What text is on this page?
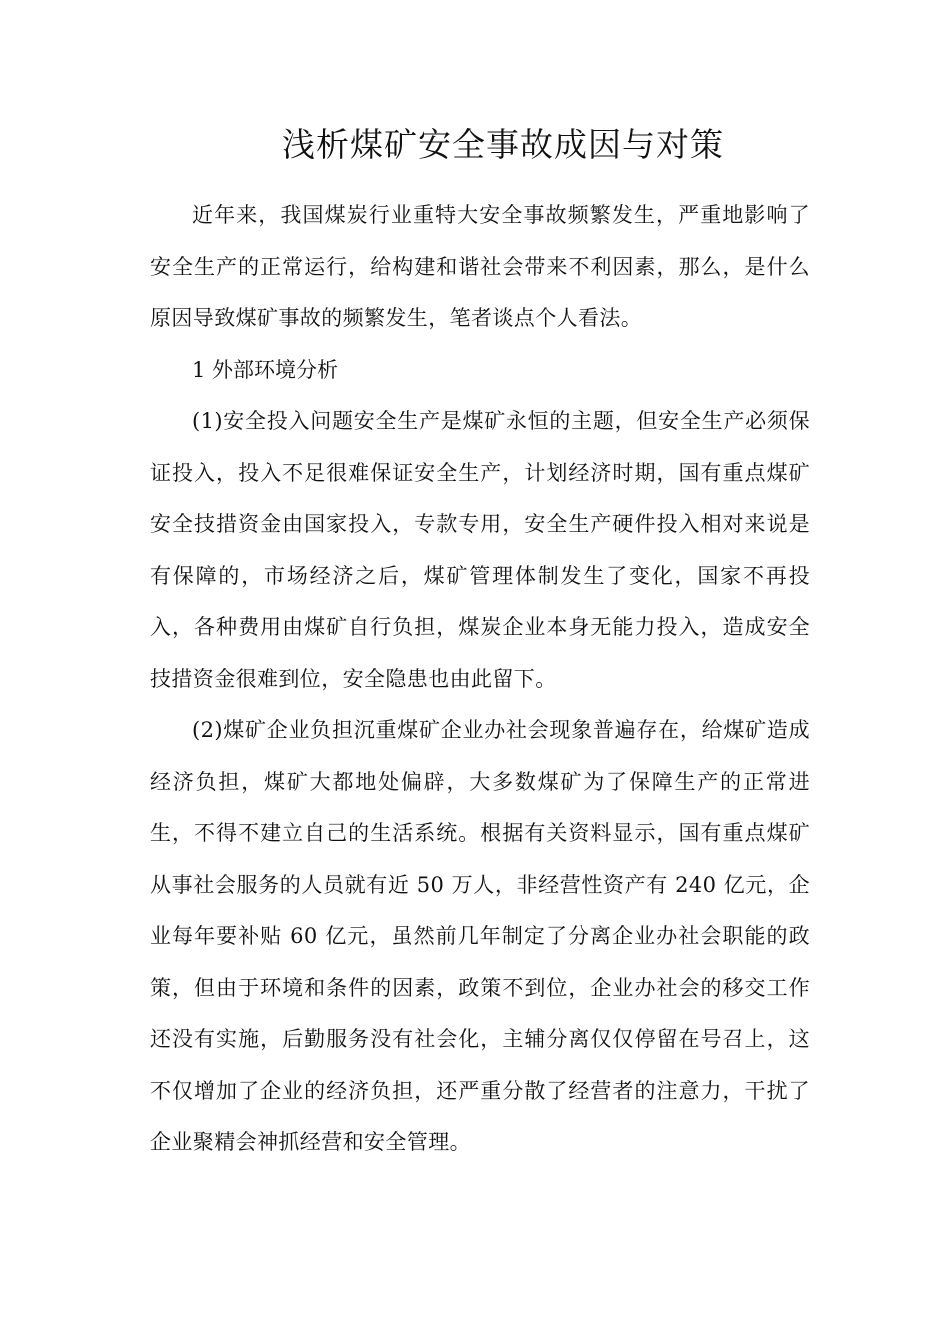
浅析煤矿安全事故成因与对策

近年来，我国煤炭行业重特大安全事故频繁发生，严重地影响了安全生产的正常运行，给构建和谐社会带来不利因素，那么，是什么原因导致煤矿事故的频繁发生，笔者谈点个人看法。

1 外部环境分析

(1)安全投入问题安全生产是煤矿永恒的主题，但安全生产必须保证投入，投入不足很难保证安全生产，计划经济时期，国有重点煤矿安全技措资金由国家投入，专款专用，安全生产硬件投入相对来说是有保障的，市场经济之后，煤矿管理体制发生了变化，国家不再投入，各种费用由煤矿自行负担，煤炭企业本身无能力投入，造成安全技措资金很难到位，安全隐患也由此留下。

(2)煤矿企业负担沉重煤矿企业办社会现象普遍存在，给煤矿造成经济负担，煤矿大都地处偏辟，大多数煤矿为了保障生产的正常进生，不得不建立自己的生活系统。根据有关资料显示，国有重点煤矿从事社会服务的人员就有近 50 万人，非经营性资产有 240 亿元，企业每年要补贴 60 亿元，虽然前几年制定了分离企业办社会职能的政策，但由于环境和条件的因素，政策不到位，企业办社会的移交工作还没有实施，后勤服务没有社会化，主辅分离仅仅停留在号召上，这不仅增加了企业的经济负担，还严重分散了经营者的注意力，干扰了企业聚精会神抓经营和安全管理。
